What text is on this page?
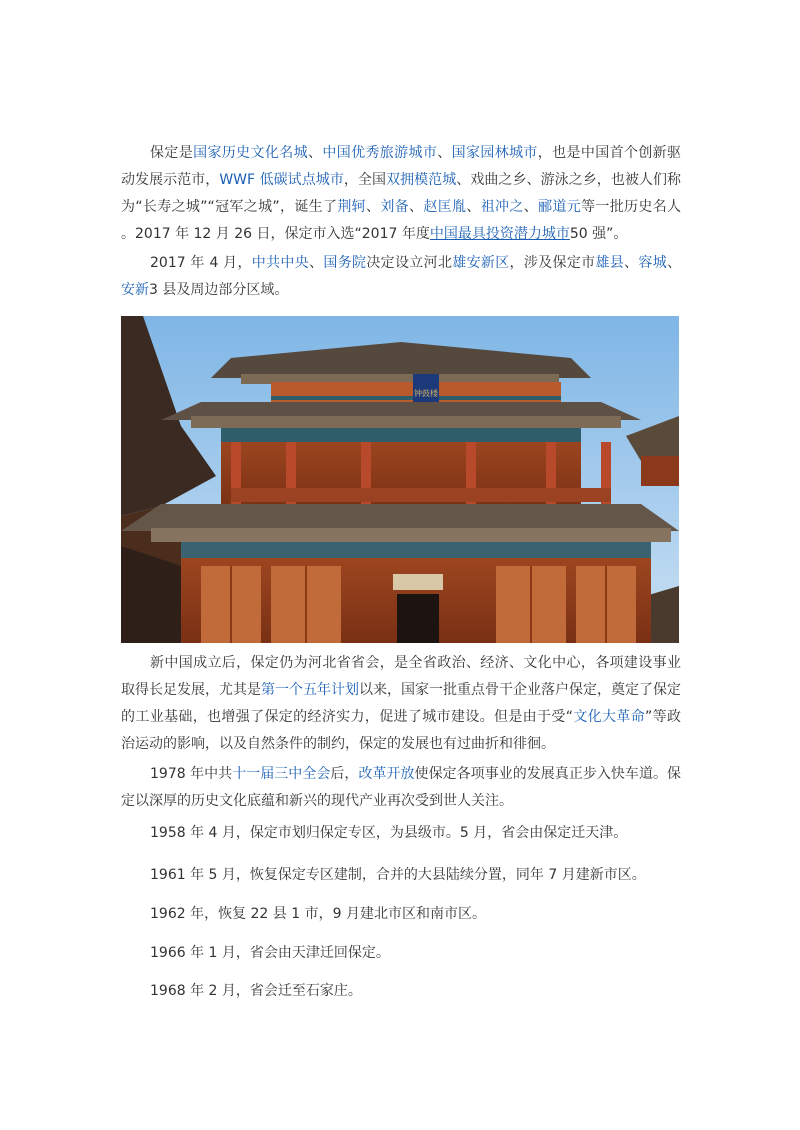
保定是国家历史文化名城、中国优秀旅游城市、国家园林城市，也是中国首个创新驱动发展示范市，WWF 低碳试点城市，全国双拥模范城、戏曲之乡、游泳之乡，也被人们称为“长寿之城”“冠军之城”，诞生了荆轲、刘备、赵匡胤、祖冲之、郦道元等一批历史名人 。2017 年 12 月 26 日，保定市入选“2017 年度中国最具投资潜力城市50 强”。

2017 年 4 月，中共中央、国务院决定设立河北雄安新区，涉及保定市雄县、容城、安新3 县及周边部分区域。

钟鼓楼

新中国成立后，保定仍为河北省省会，是全省政治、经济、文化中心，各项建设事业取得长足发展，尤其是第一个五年计划以来，国家一批重点骨干企业落户保定，奠定了保定的工业基础，也增强了保定的经济实力，促进了城市建设。但是由于受“文化大革命”等政治运动的影响，以及自然条件的制约，保定的发展也有过曲折和徘徊。

1978 年中共十一届三中全会后，改革开放使保定各项事业的发展真正步入快车道。保定以深厚的历史文化底蕴和新兴的现代产业再次受到世人关注。

1958 年 4 月，保定市划归保定专区，为县级市。5 月，省会由保定迁天津。

1961 年 5 月，恢复保定专区建制，合并的大县陆续分置，同年 7 月建新市区。

1962 年，恢复 22 县 1 市，9 月建北市区和南市区。

1966 年 1 月，省会由天津迁回保定。

1968 年 2 月，省会迁至石家庄。
